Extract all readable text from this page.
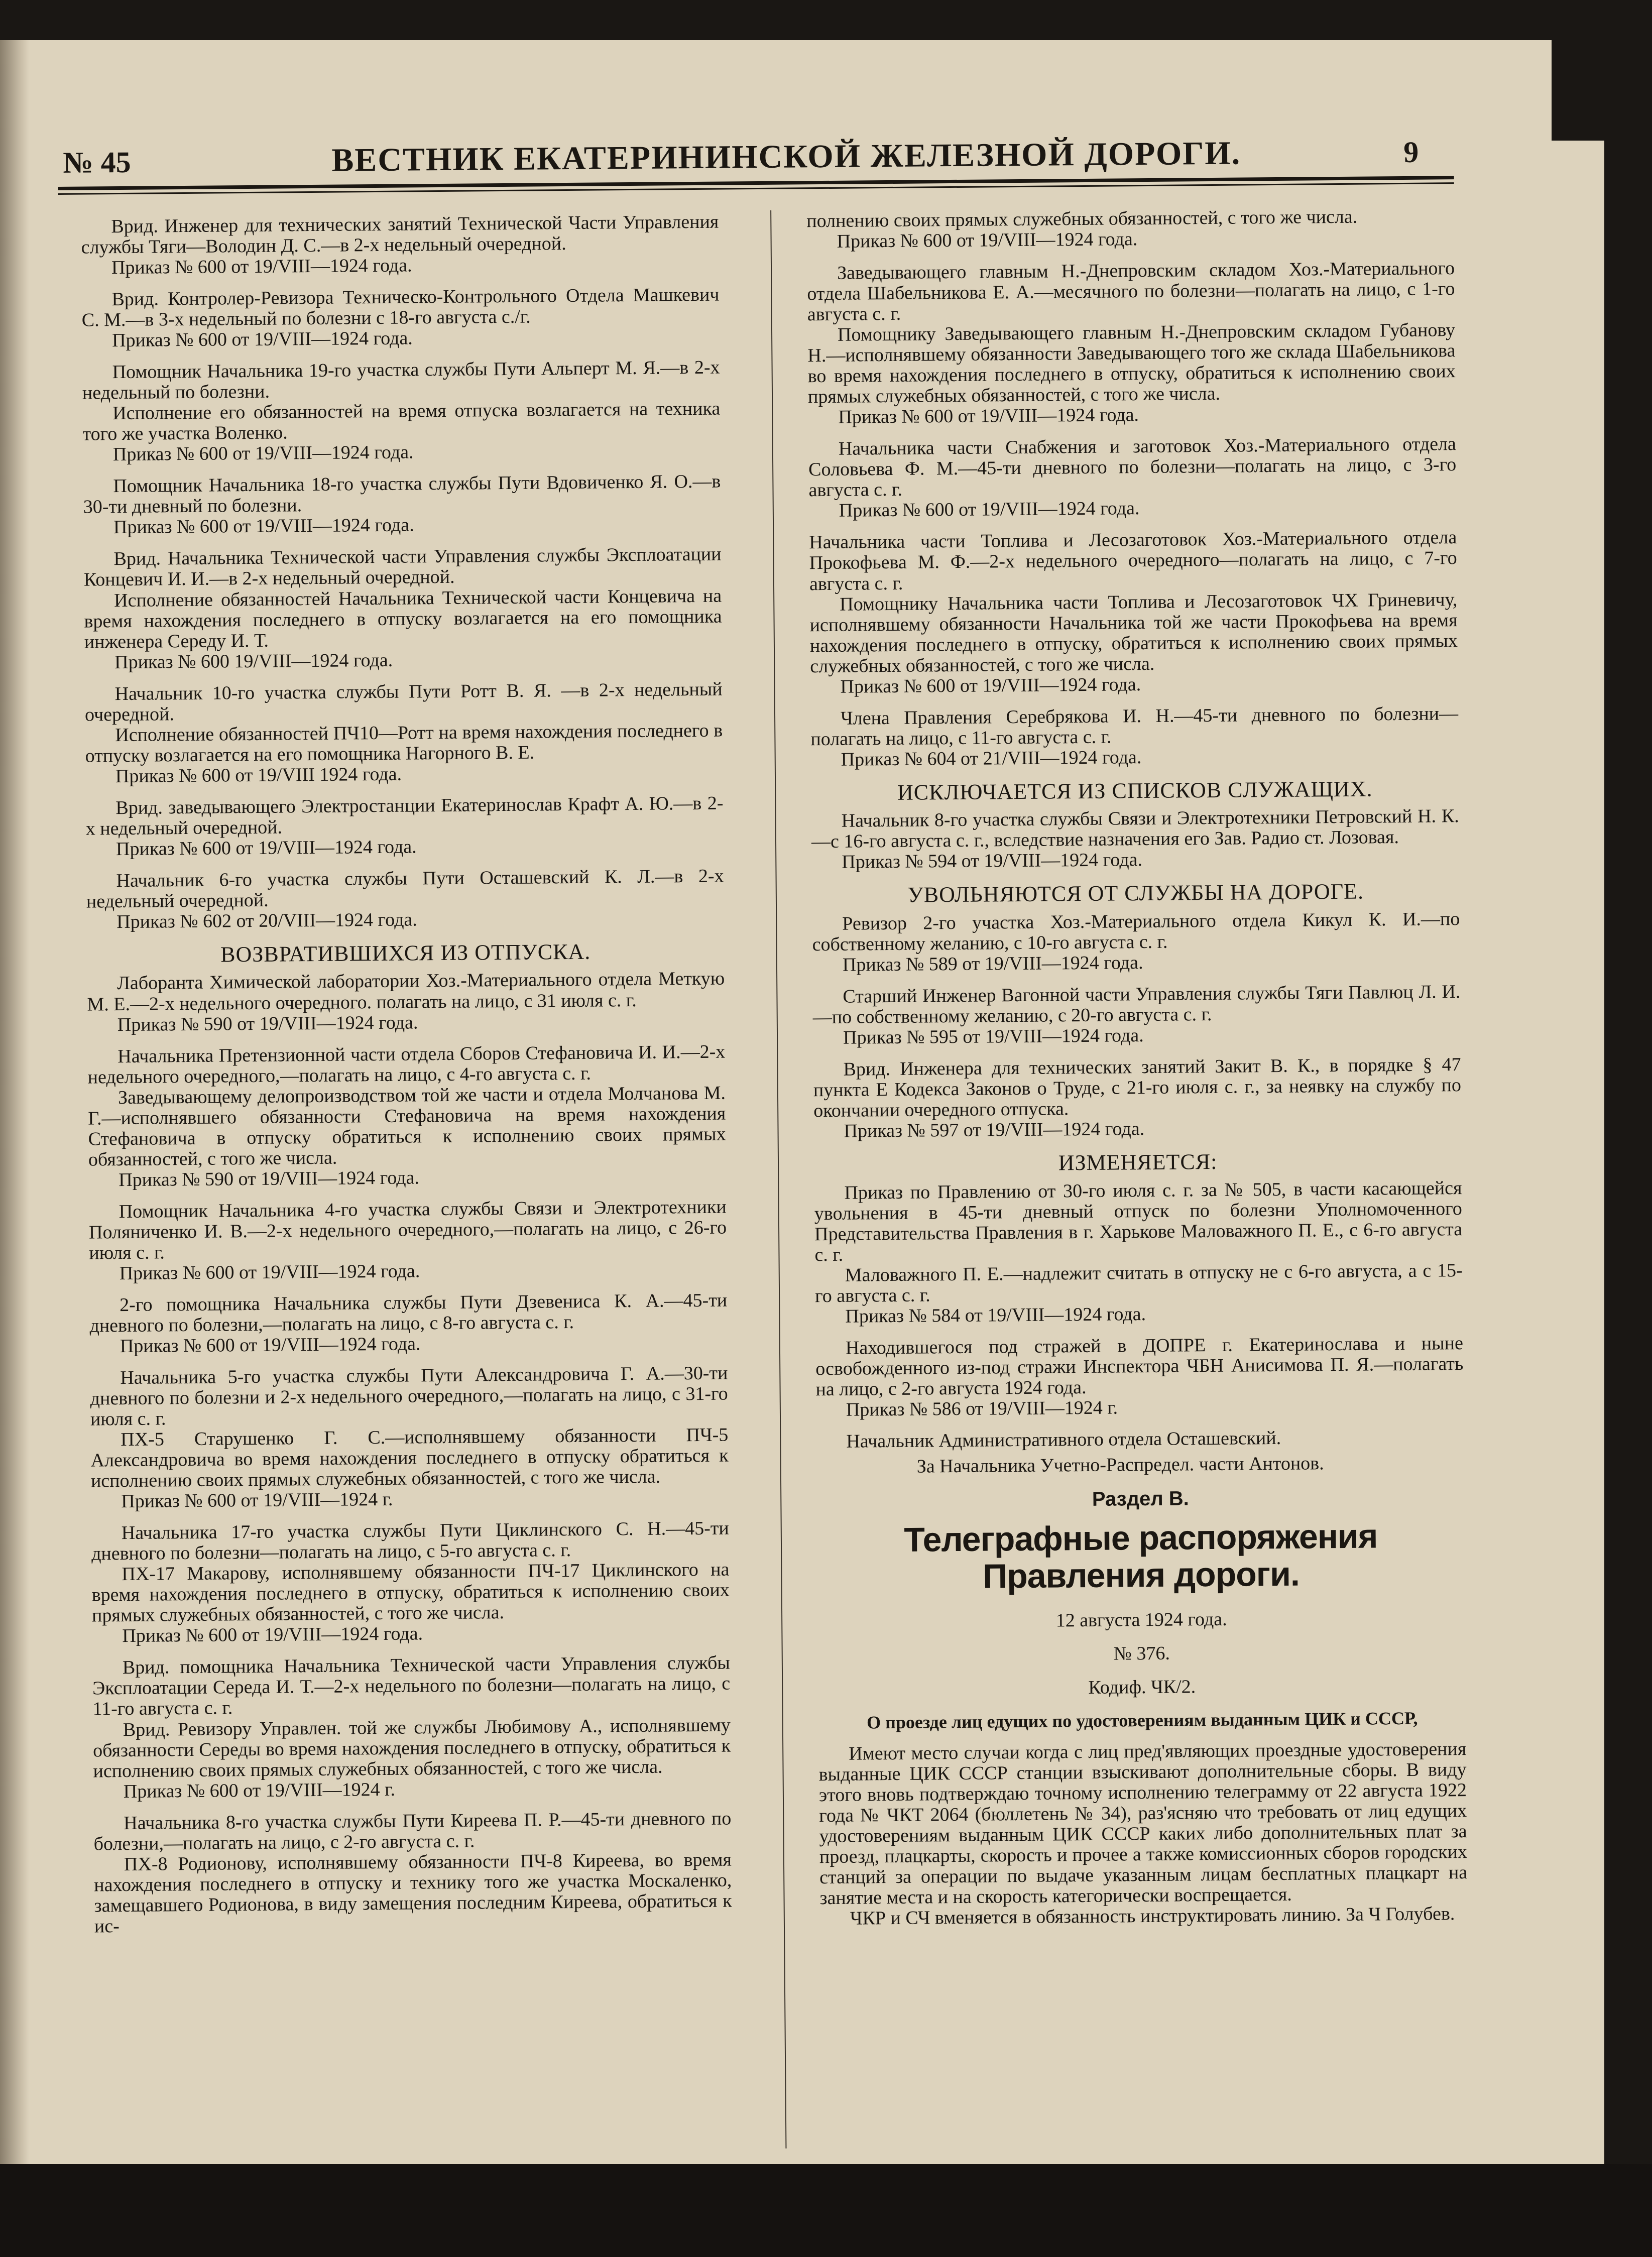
№ 45	ВЕСТНИК ЕКАТЕРИНИНСКОЙ ЖЕЛЕЗНОЙ ДОРОГИ.	9
Врид. Инженер для технических занятий Технической Части Управления службы Тяги—Володин Д. С.—в 2-х недельный очередной.
Приказ № 600 от 19/VIII—1924 года.
Врид. Контролер-Ревизора Техническо-Контрольного Отдела Машкевич С. М.—в 3-х недельный по болезни с 18-го августа с./г.
Приказ № 600 от 19/VIII—1924 года.
Помощник Начальника 19-го участка службы Пути Альперт М. Я.—в 2-х недельный по болезни.
Исполнение его обязанностей на время отпуска возлагается на техника того же участка Воленко.
Приказ № 600 от 19/VIII—1924 года.
Помощник Начальника 18-го участка службы Пути Вдовиченко Я. О.—в 30-ти дневный по болезни.
Приказ № 600 от 19/VIII—1924 года.
Врид. Начальника Технической части Управления службы Эксплоатации Концевич И. И.—в 2-х недельный очередной.
Исполнение обязанностей Начальника Технической части Концевича на время нахождения последнего в отпуску возлагается на его помощника инженера Середу И. Т.
Приказ № 600 19/VIII—1924 года.
Начальник 10-го участка службы Пути Ротт В. Я. —в 2-х недельный очередной.
Исполнение обязанностей ПЧ10—Ротт на время нахождения последнего в отпуску возлагается на его помощника Нагорного В. Е.
Приказ № 600 от 19/VIII 1924 года.
Врид. заведывающего Электростанции Екатеринослав Крафт А. Ю.—в 2-х недельный очередной.
Приказ № 600 от 19/VIII—1924 года.
Начальник 6-го участка службы Пути Осташевский К. Л.—в 2-х недельный очередной.
Приказ № 602 от 20/VIII—1924 года.
ВОЗВРАТИВШИХСЯ ИЗ ОТПУСКА.
Лаборанта Химической лаборатории Хоз.-Материального отдела Меткую М. Е.—2-х недельного очередного. полагать на лицо, с 31 июля с. г.
Приказ № 590 от 19/VIII—1924 года.
Начальника Претензионной части отдела Сборов Стефановича И. И.—2-х недельного очередного,—полагать на лицо, с 4-го августа с. г.
Заведывающему делопроизводством той же части и отдела Молчанова М. Г.—исполнявшего обязанности Стефановича на время нахождения Стефановича в отпуску обратиться к исполнению своих прямых обязанностей, с того же числа.
Приказ № 590 от 19/VIII—1924 года.
Помощник Начальника 4-го участка службы Связи и Электротехники Поляниченко И. В.—2-х недельного очередного,—полагать на лицо, с 26-го июля с. г.
Приказ № 600 от 19/VIII—1924 года.
2-го помощника Начальника службы Пути Дзевениса К. А.—45-ти дневного по болезни,—полагать на лицо, с 8-го августа с. г.
Приказ № 600 от 19/VIII—1924 года.
Начальника 5-го участка службы Пути Александровича Г. А.—30-ти дневного по болезни и 2-х недельного очередного,—полагать на лицо, с 31-го июля с. г.
ПХ-5 Старушенко Г. С.—исполнявшему обязанности ПЧ-5 Александровича во время нахождения последнего в отпуску обратиться к исполнению своих прямых служебных обязанностей, с того же числа.
Приказ № 600 от 19/VIII—1924 г.
Начальника 17-го участка службы Пути Циклинского С. Н.—45-ти дневного по болезни—полагать на лицо, с 5-го августа с. г.
ПХ-17 Макарову, исполнявшему обязанности ПЧ-17 Циклинского на время нахождения последнего в отпуску, обратиться к исполнению своих прямых служебных обязанностей, с того же числа.
Приказ № 600 от 19/VIII—1924 года.
Врид. помощника Начальника Технической части Управления службы Эксплоатации Середа И. Т.—2-х недельного по болезни—полагать на лицо, с 11-го августа с. г.
Врид. Ревизору Управлен. той же службы Любимову А., исполнявшему обязанности Середы во время нахождения последнего в отпуску, обратиться к исполнению своих прямых служебных обязанностей, с того же числа.
Приказ № 600 от 19/VIII—1924 г.
Начальника 8-го участка службы Пути Киреева П. Р.—45-ти дневного по болезни,—полагать на лицо, с 2-го августа с. г.
ПХ-8 Родионову, исполнявшему обязанности ПЧ-8 Киреева, во время нахождения последнего в отпуску и техникy того же участка Москаленко, замещавшего Родионова, в виду замещения последним Киреева, обратиться к ис-
полнению своих прямых служебных обязанностей, с того же числа.
Приказ № 600 от 19/VIII—1924 года.
Заведывающего главным Н.-Днепровским складом Хоз.-Материального отдела Шабельникова Е. А.—месячного по болезни—полагать на лицо, с 1-го августа с. г.
Помощнику Заведывающего главным Н.-Днепровским складом Губанову Н.—исполнявшему обязанности Заведывающего того же склада Шабельникова во время нахождения последнего в отпуску, обратиться к исполнению своих прямых служебных обязанностей, с того же числа.
Приказ № 600 от 19/VIII—1924 года.
Начальника части Снабжения и заготовок Хоз.-Материального отдела Соловьева Ф. М.—45-ти дневного по болезни—полагать на лицо, с 3-го августа с. г.
Приказ № 600 от 19/VIII—1924 года.
Начальника части Топлива и Лесозаготовок Хоз.-Материального отдела Прокофьева М. Ф.—2-х недельного очередного—полагать на лицо, с 7-го августа с. г.
Помощнику Начальника части Топлива и Лесозаготовок ЧХ Гриневичу, исполнявшему обязанности Начальника той же части Прокофьева на время нахождения последнего в отпуску, обратиться к исполнению своих прямых служебных обязанностей, с того же числа.
Приказ № 600 от 19/VIII—1924 года.
Члена Правления Серебрякова И. Н.—45-ти дневного по болезни—полагать на лицо, с 11-го августа с. г.
Приказ № 604 от 21/VIII—1924 года.
ИСКЛЮЧАЕТСЯ ИЗ СПИСКОВ СЛУЖАЩИХ.
Начальник 8-го участка службы Связи и Электротехники Петровский Н. К.—с 16-го августа с. г., вследствие назначения его Зав. Радио ст. Лозовая.
Приказ № 594 от 19/VIII—1924 года.
УВОЛЬНЯЮТСЯ ОТ СЛУЖБЫ НА ДОРОГЕ.
Ревизор 2-го участка Хоз.-Материального отдела Кикул К. И.—по собственному желанию, с 10-го августа с. г.
Приказ № 589 от 19/VIII—1924 года.
Старший Инженер Вагонной части Управления службы Тяги Павлюц Л. И.—по собственному желанию, с 20-го августа с. г.
Приказ № 595 от 19/VIII—1924 года.
Врид. Инженера для технических занятий Закит В. К., в порядке § 47 пункта Е Кодекса Законов о Труде, с 21-го июля с. г., за неявку на службу по окончании очередного отпуска.
Приказ № 597 от 19/VIII—1924 года.
ИЗМЕНЯЕТСЯ:
Приказ по Правлению от 30-го июля с. г. за № 505, в части касающейся увольнения в 45-ти дневный отпуск по болезни Уполномоченного Представительства Правления в г. Харькове Маловажного П. Е., с 6-го августа с. г.
Маловажного П. Е.—надлежит считать в отпуску не с 6-го августа, а с 15-го августа с. г.
Приказ № 584 от 19/VIII—1924 года.
Находившегося под стражей в ДОПРЕ г. Екатеринослава и ныне освобожденного из-под стражи Инспектора ЧБН Анисимова П. Я.—полагать на лицо, с 2-го августа 1924 года.
Приказ № 586 от 19/VIII—1924 г.
Начальник Административного отдела Осташевский.
За Начальника Учетно-Распредел. части Антонов.
Раздел В.
Телеграфные распоряжения Правления дороги.
12 августа 1924 года.
№ 376.
Кодиф. ЧК/2.
О проезде лиц едущих по удостоверениям выданным ЦИК и СССР,
Имеют место случаи когда с лиц пред'являющих проездные удостоверения выданные ЦИК СССР станции взыскивают дополнительные сборы. В виду этого вновь подтверждаю точному исполнению телеграмму от 22 августа 1922 года № ЧКТ 2064 (бюллетень № 34), раз'ясняю что требовать от лиц едущих удостоверениям выданным ЦИК СССР каких либо дополнительных плат за проезд, плацкарты, скорость и прочее а также комиссионных сборов городских станций за операции по выдаче указанным лицам бесплатных плацкарт на занятие места и на скорость категорически воспрещается.
ЧКР и СЧ вменяется в обязанность инструктировать линию. За Ч Голубев.
